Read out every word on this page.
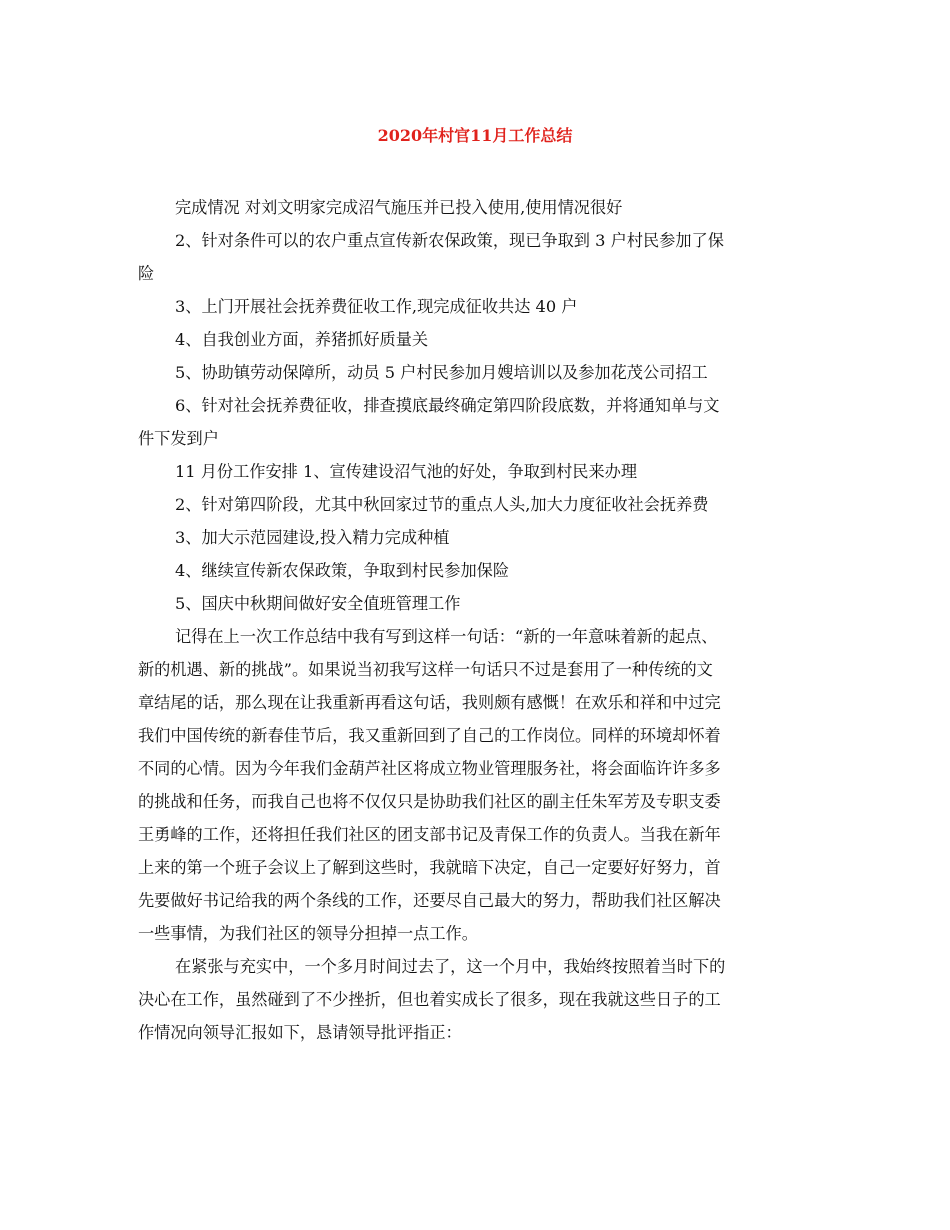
2020年村官11月工作总结
完成情况 对刘文明家完成沼气施压并已投入使用,使用情况很好
2、针对条件可以的农户重点宣传新农保政策，现已争取到 3 户村民参加了保
险
3、上门开展社会抚养费征收工作,现完成征收共达 40 户
4、自我创业方面，养猪抓好质量关
5、协助镇劳动保障所，动员 5 户村民参加月嫂培训以及参加花茂公司招工
6、针对社会抚养费征收，排查摸底最终确定第四阶段底数，并将通知单与文
件下发到户
11 月份工作安排 1、宣传建设沼气池的好处，争取到村民来办理
2、针对第四阶段，尤其中秋回家过节的重点人头,加大力度征收社会抚养费
3、加大示范园建设,投入精力完成种植
4、继续宣传新农保政策，争取到村民参加保险
5、国庆中秋期间做好安全值班管理工作
记得在上一次工作总结中我有写到这样一句话：“新的一年意味着新的起点、
新的机遇、新的挑战”。如果说当初我写这样一句话只不过是套用了一种传统的文
章结尾的话，那么现在让我重新再看这句话，我则颇有感慨！在欢乐和祥和中过完
我们中国传统的新春佳节后，我又重新回到了自己的工作岗位。同样的环境却怀着
不同的心情。因为今年我们金葫芦社区将成立物业管理服务社，将会面临许许多多
的挑战和任务，而我自己也将不仅仅只是协助我们社区的副主任朱军芳及专职支委
王勇峰的工作，还将担任我们社区的团支部书记及青保工作的负责人。当我在新年
上来的第一个班子会议上了解到这些时，我就暗下决定，自己一定要好好努力，首
先要做好书记给我的两个条线的工作，还要尽自己最大的努力，帮助我们社区解决
一些事情，为我们社区的领导分担掉一点工作。
在紧张与充实中，一个多月时间过去了，这一个月中，我始终按照着当时下的
决心在工作，虽然碰到了不少挫折，但也着实成长了很多，现在我就这些日子的工
作情况向领导汇报如下，恳请领导批评指正：
